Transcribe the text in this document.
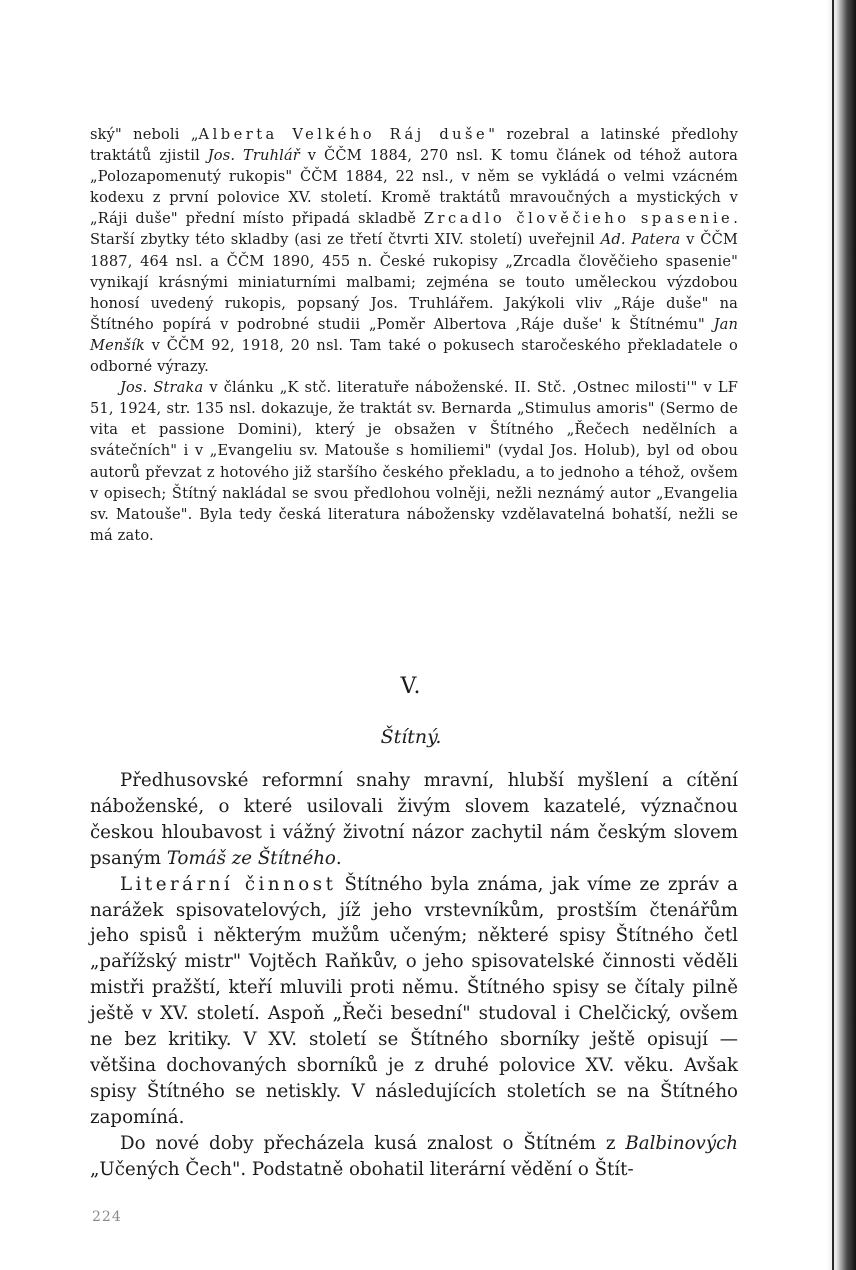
ský" neboli „Alberta Velkého Ráj duše" rozebral a latinské předlohy traktátů zjistil Jos. Truhlář v ČČM 1884, 270 nsl. K tomu článek od téhož autora „Polozapomenutý rukopis" ČČM 1884, 22 nsl., v něm se vykládá o velmi vzácném kodexu z první polovice XV. století. Kromě traktátů mravoučných a mystických v „Ráji duše" přední místo připadá skladbě Zrcadlo člověčieho spasenie. Starší zbytky této skladby (asi ze třetí čtvrti XIV. století) uveřejnil Ad. Patera v ČČM 1887, 464 nsl. a ČČM 1890, 455 n. České rukopisy „Zrcadla člověčieho spasenie" vynikají krásnými miniaturními malbami; zejména se touto uměleckou výzdobou honosí uvedený rukopis, popsaný Jos. Truhlářem. Jakýkoli vliv „Ráje duše" na Štítného popírá v podrobné studii „Poměr Albertova ‚Ráje duše' k Štítnému" Jan Menšík v ČČM 92, 1918, 20 nsl. Tam také o pokusech staročeského překladatele o odborné výrazy.

Jos. Straka v článku „K stč. literatuře náboženské. II. Stč. ‚Ostnec milosti'" v LF 51, 1924, str. 135 nsl. dokazuje, že traktát sv. Bernarda „Stimulus amoris" (Sermo de vita et passione Domini), který je obsažen v Štítného „Řečech nedělních a svátečních" i v „Evangeliu sv. Matouše s homiliemi" (vydal Jos. Holub), byl od obou autorů převzat z hotového již staršího českého překladu, a to jednoho a téhož, ovšem v opisech; Štítný nakládal se svou předlohou volněji, nežli neznámý autor „Evangelia sv. Matouše". Byla tedy česká literatura nábožensky vzdělavatelná bohatší, nežli se má zato.

V.
Štítný.

Předhusovské reformní snahy mravní, hlubší myšlení a cítění náboženské, o které usilovali živým slovem kazatelé, význačnou českou hloubavost i vážný životní názor zachytil nám českým slovem psaným Tomáš ze Štítného.

Literární činnost Štítného byla známa, jak víme ze zpráv a narážek spisovatelových, jíž jeho vrstevníkům, prostším čtenářům jeho spisů i některým mužům učeným; některé spisy Štítného četl „pařížský mistr" Vojtěch Raňkův, o jeho spisovatelské činnosti věděli mistři pražští, kteří mluvili proti němu. Štítného spisy se čítaly pilně ještě v XV. století. Aspoň „Řeči besední" studoval i Chelčický, ovšem ne bez kritiky. V XV. století se Štítného sborníky ještě opisují — většina dochovaných sborníků je z druhé polovice XV. věku. Avšak spisy Štítného se netiskly. V následujících stoletích se na Štítného zapomíná.

Do nové doby přecházela kusá znalost o Štítném z Balbinových „Učených Čech". Podstatně obohatil literární vědění o Štít-

224
